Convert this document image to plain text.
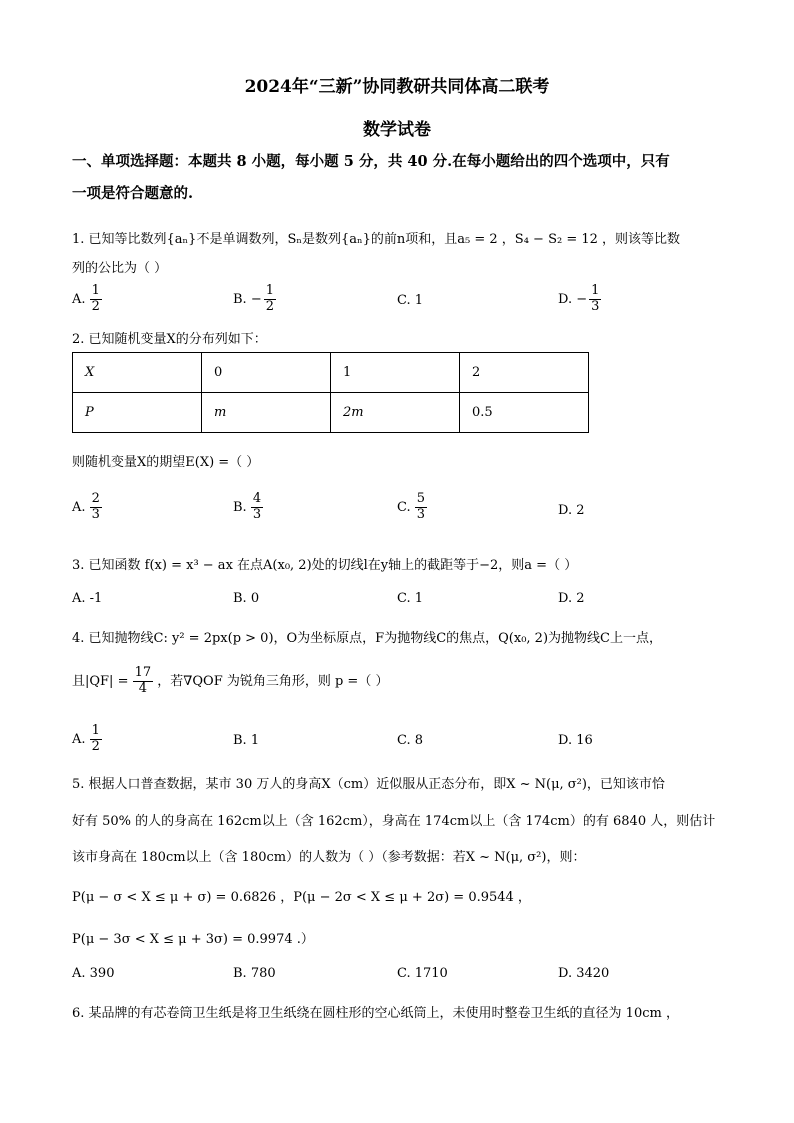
2024年“三新”协同教研共同体高二联考
数学试卷
一、单项选择题：本题共 8 小题，每小题 5 分，共 40 分.在每小题给出的四个选项中，只有
一项是符合题意的.
1. 已知等比数列{aₙ}不是单调数列，Sₙ是数列{aₙ}的前n项和，且a₅ = 2 ，S₄ − S₂ = 12 ，则该等比数
列的公比为（ ）
A. $\frac{1}{2}$	B. − $\frac{1}{2}$	C. 1	D. − $\frac{1}{3}$
2. 已知随机变量X的分布列如下：
X	0	1	2
P	m	2m	0.5
则随机变量X的期望E(X) =（ ）
A. $\frac{2}{3}$	B. $\frac{4}{3}$	C. $\frac{5}{3}$	D. 2
3. 已知函数 f(x) = x³ − ax 在点A(x₀, 2)处的切线l在y轴上的截距等于−2，则a =（ ）
A. -1	B. 0	C. 1	D. 2
4. 已知抛物线C: y² = 2px(p > 0)，O为坐标原点，F为抛物线C的焦点，Q(x₀, 2)为抛物线C上一点，
且$|QF| = \frac{17}{4}$ ，若∇QOF 为锐角三角形，则 p =（ ）
A. $\frac{1}{2}$	B. 1	C. 8	D. 16
5. 根据人口普查数据，某市 30 万人的身高X（cm）近似服从正态分布，即X ~ N(μ, σ²)，已知该市恰
好有 50% 的人的身高在 162cm以上（含 162cm），身高在 174cm以上（含 174cm）的有 6840 人，则估计
该市身高在 180cm以上（含 180cm）的人数为（ ）（参考数据：若X ~ N(μ, σ²)，则：
P(μ − σ < X ≤ μ + σ) = 0.6826 ，P(μ − 2σ < X ≤ μ + 2σ) = 0.9544 ，
P(μ − 3σ < X ≤ μ + 3σ) = 0.9974 .）
A. 390	B. 780	C. 1710	D. 3420
6. 某品牌的有芯卷筒卫生纸是将卫生纸绕在圆柱形的空心纸筒上，未使用时整卷卫生纸的直径为 10cm ，
